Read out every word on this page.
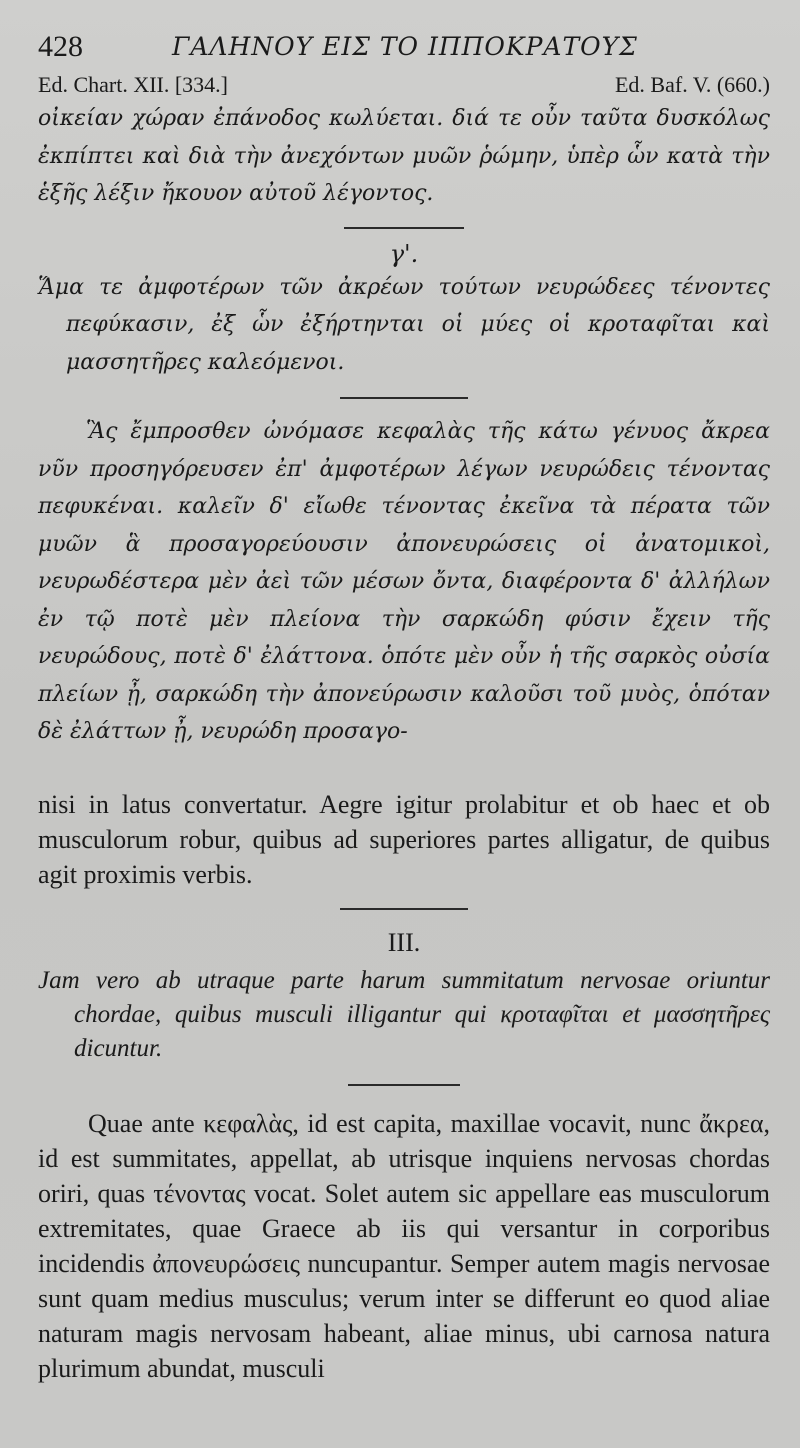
428	ΓΑΛΗΝΟΥ ΕΙΣ ΤΟ ΙΠΠΟΚΡΑΤΟΥΣ
Ed. Chart. XII. [334.]	Ed. Baf. V. (660.)

οἰκείαν χώραν ἐπάνοδος κωλύεται. διά τε οὖν ταῦτα δυσκόλως ἐκπίπτει καὶ διὰ τὴν ἀνεχόντων μυῶν ῥώμην, ὑπὲρ ὧν κατὰ τὴν ἑξῆς λέξιν ἤκουον αὐτοῦ λέγοντος.

γ'.

Ἅμα τε ἀμφοτέρων τῶν ἀκρέων τούτων νευρώδεες τένοντες πεφύκασιν, ἐξ ὧν ἐξήρτηνται οἱ μύες οἱ κροταφῖται καὶ μασσητῆρες καλεόμενοι.

Ἃς ἔμπροσθεν ὠνόμασε κεφαλὰς τῆς κάτω γένυος ἄκρεα νῦν προσηγόρευσεν ἐπ' ἀμφοτέρων λέγων νευρώδεις τένοντας πεφυκέναι. καλεῖν δ' εἴωθε τένοντας ἐκεῖνα τὰ πέρατα τῶν μυῶν ἃ προσαγορεύουσιν ἀπονευρώσεις οἱ ἀνατομικοὶ, νευρωδέστερα μὲν ἀεὶ τῶν μέσων ὄντα, διαφέροντα δ' ἀλλήλων ἐν τῷ ποτὲ μὲν πλείονα τὴν σαρκώδη φύσιν ἔχειν τῆς νευρώδους, ποτὲ δ' ἐλάττονα. ὁπότε μὲν οὖν ἡ τῆς σαρκὸς οὐσία πλείων ᾖ, σαρκώδη τὴν ἀπονεύρωσιν καλοῦσι τοῦ μυὸς, ὁπόταν δὲ ἐλάττων ᾖ, νευρώδη προσαγο-

nisi in latus convertatur. Aegre igitur prolabitur et ob haec et ob musculorum robur, quibus ad superiores partes alligatur, de quibus agit proximis verbis.

III.

Jam vero ab utraque parte harum summitatum nervosae oriuntur chordae, quibus musculi illigantur qui κροταφῖται et μασσητῆρες dicuntur.

Quae ante κεφαλὰς, id est capita, maxillae vocavit, nunc ἄκρεα, id est summitates, appellat, ab utrisque inquiens nervosas chordas oriri, quas τένοντας vocat. Solet autem sic appellare eas musculorum extremitates, quae Graece ab iis qui versantur in corporibus incidendis ἀπονευρώσεις nuncupantur. Semper autem magis nervosae sunt quam medius musculus; verum inter se differunt eo quod aliae naturam magis nervosam habeant, aliae minus, ubi carnosa natura plurimum abundat, musculi
